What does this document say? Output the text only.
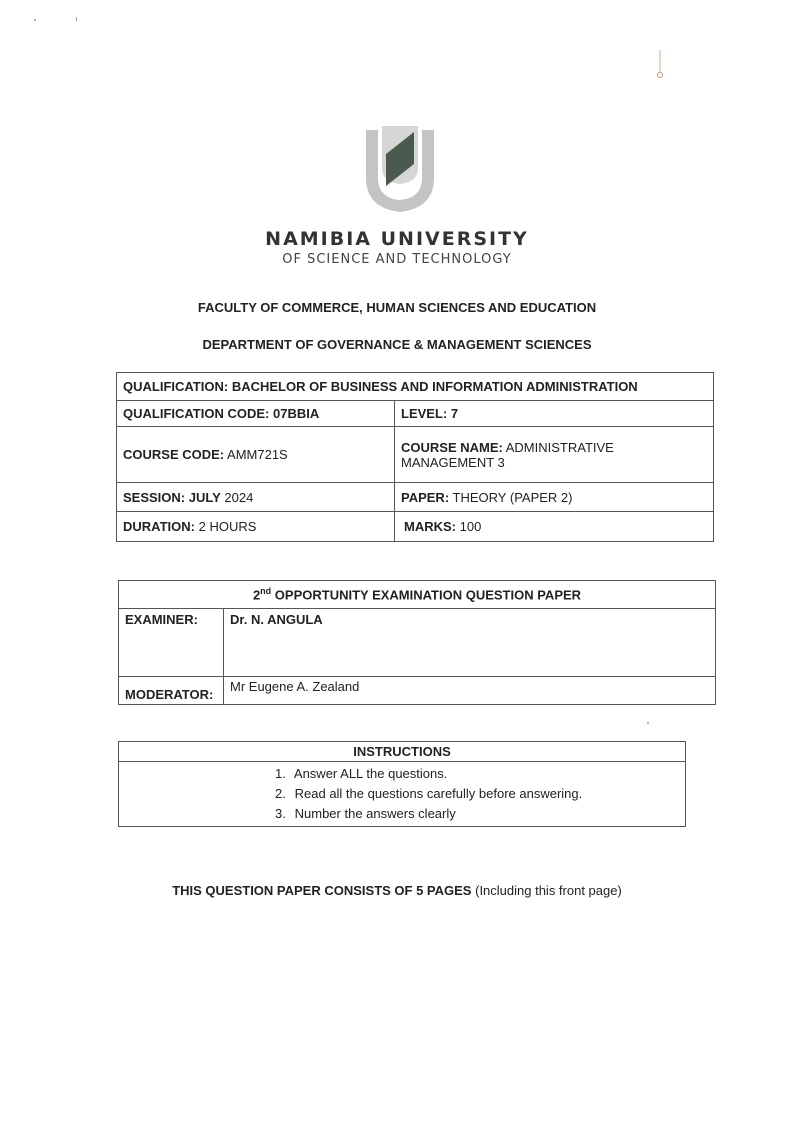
NAMIBIA UNIVERSITY
OF SCIENCE AND TECHNOLOGY
FACULTY OF COMMERCE, HUMAN SCIENCES AND EDUCATION
DEPARTMENT OF GOVERNANCE & MANAGEMENT SCIENCES
QUALIFICATION: BACHELOR OF BUSINESS AND INFORMATION ADMINISTRATION	
QUALIFICATION CODE: 07BBIA	LEVEL: 7
COURSE CODE: AMM721S	COURSE NAME: ADMINISTRATIVE MANAGEMENT 3
SESSION: JULY 2024	PAPER: THEORY (PAPER 2)
DURATION: 2 HOURS	MARKS: 100
2nd OPPORTUNITY EXAMINATION QUESTION PAPER	
EXAMINER:	Dr. N. ANGULA
MODERATOR:	Mr Eugene A. Zealand
INSTRUCTIONS

1. Answer ALL the questions.
2. Read all the questions carefully before answering.
3. Number the answers clearly
THIS QUESTION PAPER CONSISTS OF 5 PAGES (Including this front page)
